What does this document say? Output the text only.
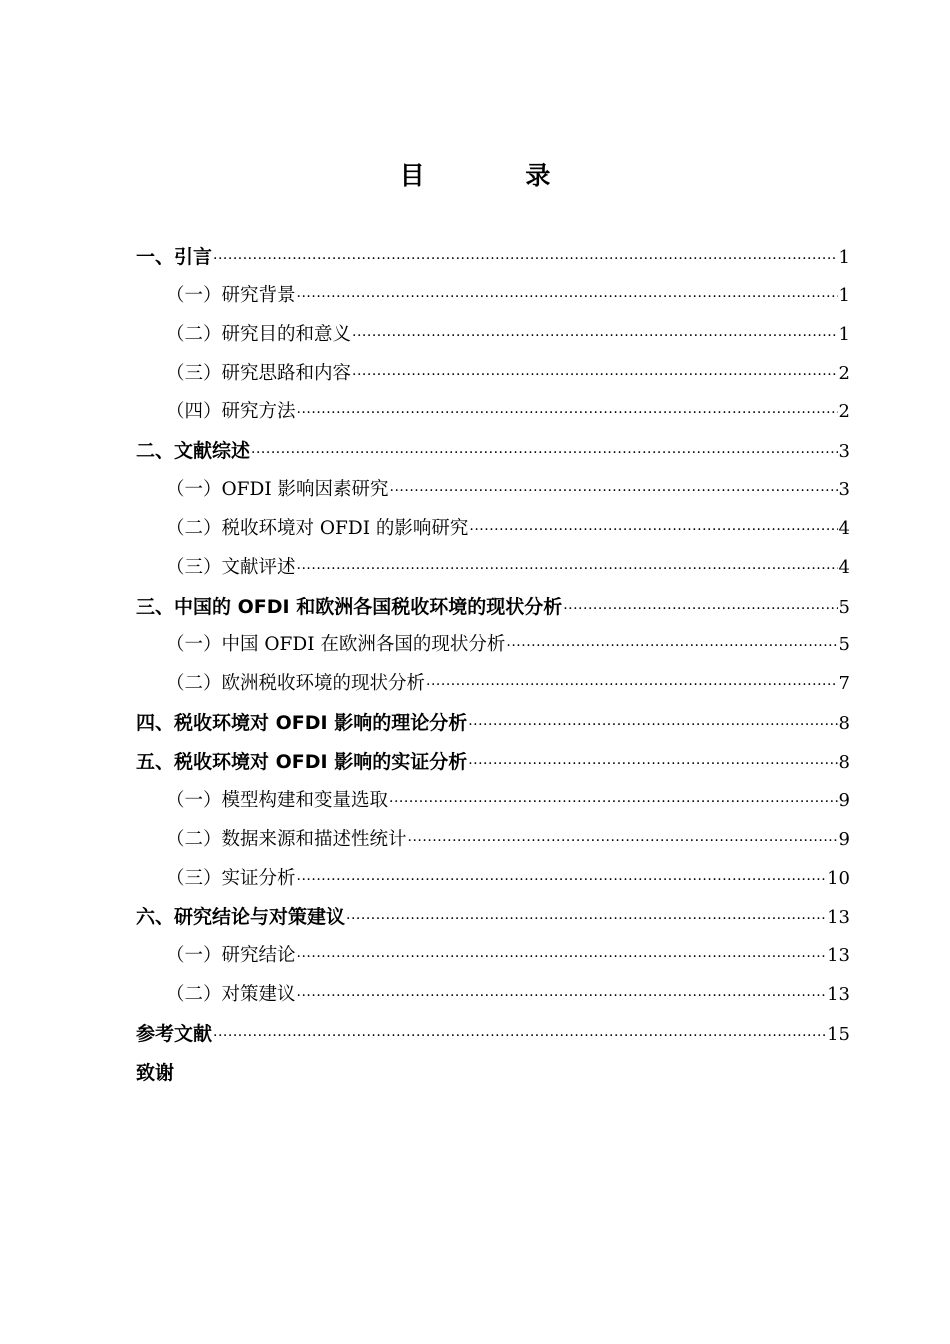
目 录
一、引言 ·····	1
（一）研究背景 ·····	1
（二）研究目的和意义 ·····	1
（三）研究思路和内容 ·····	2
（四）研究方法 ·····	2
二、文献综述 ·····	3
（一）OFDI 影响因素研究 ·····	3
（二）税收环境对 OFDI 的影响研究 ·····	4
（三）文献评述 ·····	4
三、中国的 OFDI 和欧洲各国税收环境的现状分析 ·····	5
（一）中国 OFDI 在欧洲各国的现状分析 ·····	5
（二）欧洲税收环境的现状分析 ·····	7
四、税收环境对 OFDI 影响的理论分析 ·····	8
五、税收环境对 OFDI 影响的实证分析 ·····	8
（一）模型构建和变量选取 ·····	9
（二）数据来源和描述性统计 ·····	9
（三）实证分析 ·····	10
六、研究结论与对策建议 ·····	13
（一）研究结论 ·····	13
（二）对策建议 ·····	13
参考文献 ·····	15
致谢
